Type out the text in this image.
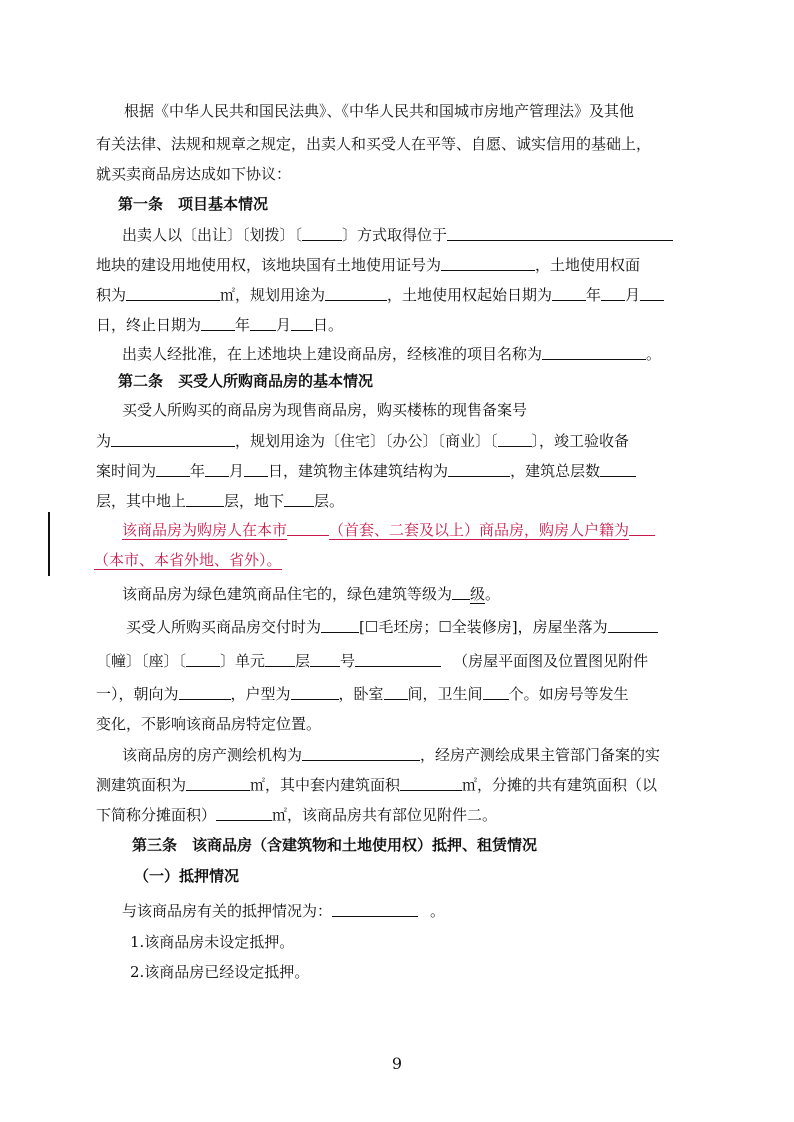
根据《中华人民共和国民法典》、《中华人民共和国城市房地产管理法》及其他
有关法律、法规和规章之规定，出卖人和买受人在平等、自愿、诚实信用的基础上，
就买卖商品房达成如下协议：
第一条　项目基本情况
出卖人以〔出让〕〔划拨〕〔	〕方式取得位于
地块的建设用地使用权，该地块国有土地使用证号为	，土地使用权面
积为	㎡，规划用途为	，土地使用权起始日期为 年 月
日，终止日期为 年 月 日。
出卖人经批准，在上述地块上建设商品房，经核准的项目名称为	。
第二条　买受人所购商品房的基本情况
买受人所购买的商品房为现售商品房，购买楼栋的现售备案号
为	，规划用途为〔住宅〕〔办公〕〔商业〕〔 〕，竣工验收备
案时间为 年 月 日，建筑物主体建筑结构为	，建筑总层数
层，其中地上	层，地下 层。
该商品房为购房人在本市	（首套、二套及以上）商品房，购房人户籍为
（本市、本省外地、省外）。
该商品房为绿色建筑商品住宅的，绿色建筑等级为 级。
买受人所购买商品房交付时为	[☐毛坯房；☐全装修房]，房屋坐落为
〔幢〕〔座〕〔 〕单元 层 号	（房屋平面图及位置图见附件
一），朝向为	，户型为	，卧室 间，卫生间 个。如房号等发生
变化，不影响该商品房特定位置。
该商品房的房产测绘机构为	，经房产测绘成果主管部门备案的实
测建筑面积为	㎡，其中套内建筑面积	㎡，分摊的共有建筑面积（以
下简称分摊面积）	㎡，该商品房共有部位见附件二。
第三条　该商品房（含建筑物和土地使用权）抵押、租赁情况
（一）抵押情况
与该商品房有关的抵押情况为：	。
1.该商品房未设定抵押。
2.该商品房已经设定抵押。
9
